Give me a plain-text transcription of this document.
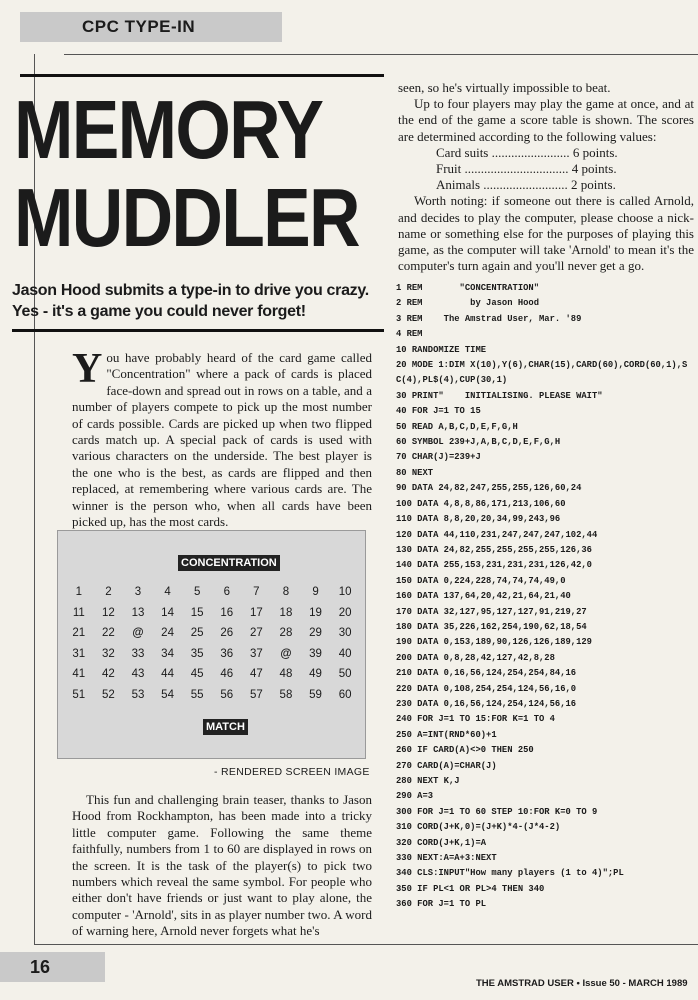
CPC TYPE-IN
MEMORY
MUDDLER
Jason Hood submits a type-in to drive you crazy. Yes - it's a game you could never forget!
You have probably heard of the card game called "Concentration" where a pack of cards is placed face-down and spread out in rows on a table, and a number of players compete to pick up the most number of cards possible. Cards are picked up when two flipped cards match up. A special pack of cards is used with various characters on the underside. The best player is the one who is the best, as cards are flipped and then replaced, at remembering where various cards are. The winner is the person who, when all cards have been picked up, has the most cards.
CONCENTRATION
1	2	3	4	5	6	7	8	9	10
11	12	13	14	15	16	17	18	19	20
21	22	@	24	25	26	27	28	29	30
31	32	33	34	35	36	37	@	39	40
41	42	43	44	45	46	47	48	49	50
51	52	53	54	55	56	57	58	59	60
MATCH
- RENDERED SCREEN IMAGE
This fun and challenging brain teaser, thanks to Jason Hood from Rockhampton, has been made into a tricky little computer game. Following the same theme faithfully, numbers from 1 to 60 are displayed in rows on the screen. It is the task of the player(s) to pick two numbers which reveal the same symbol. For people who either don't have friends or just want to play alone, the computer - 'Arnold', sits in as player number two. A word of warning here, Arnold never forgets what he's

seen, so he's virtually impossible to beat.

Up to four players may play the game at once, and at the end of the game a score table is shown. The scores are determined according to the following values:

Card suits ........................ 6 points.
Fruit ................................ 4 points.
Animals .......................... 2 points.

Worth noting: if someone out there is called Arnold, and decides to play the computer, please choose a nick-name or something else for the purposes of playing this game, as the computer will take 'Arnold' to mean it's the computer's turn again and you'll never get a go.

1 REM       "CONCENTRATION"
2 REM         by Jason Hood
3 REM    The Amstrad User, Mar. '89
4 REM
10 RANDOMIZE TIME
20 MODE 1:DIM X(10),Y(6),CHAR(15),CARD(60),CORD(60,1),S
C(4),PL$(4),CUP(30,1)
30 PRINT"    INITIALISING. PLEASE WAIT"
40 FOR J=1 TO 15
50 READ A,B,C,D,E,F,G,H
60 SYMBOL 239+J,A,B,C,D,E,F,G,H
70 CHAR(J)=239+J
80 NEXT
90 DATA 24,82,247,255,255,126,60,24
100 DATA 4,8,8,86,171,213,106,60
110 DATA 8,8,20,20,34,99,243,96
120 DATA 44,110,231,247,247,247,102,44
130 DATA 24,82,255,255,255,255,126,36
140 DATA 255,153,231,231,231,126,42,0
150 DATA 0,224,228,74,74,74,49,0
160 DATA 137,64,20,42,21,64,21,40
170 DATA 32,127,95,127,127,91,219,27
180 DATA 35,226,162,254,190,62,18,54
190 DATA 0,153,189,90,126,126,189,129
200 DATA 0,8,28,42,127,42,8,28
210 DATA 0,16,56,124,254,254,84,16
220 DATA 0,108,254,254,124,56,16,0
230 DATA 0,16,56,124,254,124,56,16
240 FOR J=1 TO 15:FOR K=1 TO 4
250 A=INT(RND*60)+1
260 IF CARD(A)<>0 THEN 250
270 CARD(A)=CHAR(J)
280 NEXT K,J
290 A=3
300 FOR J=1 TO 60 STEP 10:FOR K=0 TO 9
310 CORD(J+K,0)=(J+K)*4-(J*4-2)
320 CORD(J+K,1)=A
330 NEXT:A=A+3:NEXT
340 CLS:INPUT"How many players (1 to 4)";PL
350 IF PL<1 OR PL>4 THEN 340
360 FOR J=1 TO PL
16
THE AMSTRAD USER • Issue 50 - MARCH 1989
